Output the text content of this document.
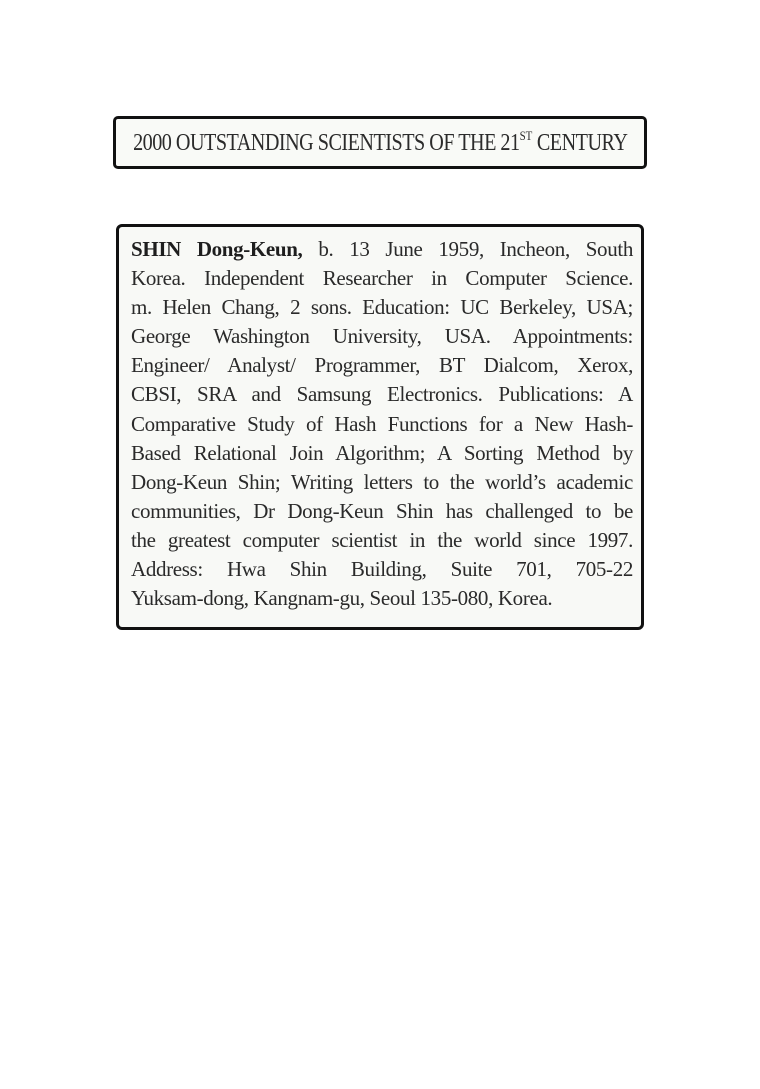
2000 OUTSTANDING SCIENTISTS OF THE 21ST CENTURY
SHIN Dong-Keun, b. 13 June 1959, Incheon, South
Korea. Independent Researcher in Computer Science.
m. Helen Chang, 2 sons. Education: UC Berkeley, USA;
George Washington University, USA. Appointments:
Engineer/ Analyst/ Programmer, BT Dialcom, Xerox,
CBSI, SRA and Samsung Electronics. Publications: A
Comparative Study of Hash Functions for a New Hash-
Based Relational Join Algorithm; A Sorting Method by
Dong-Keun Shin; Writing letters to the world’s academic
communities, Dr Dong-Keun Shin has challenged to be
the greatest computer scientist in the world since 1997.
Address: Hwa Shin Building, Suite 701, 705-22
Yuksam-dong, Kangnam-gu, Seoul 135-080, Korea.
